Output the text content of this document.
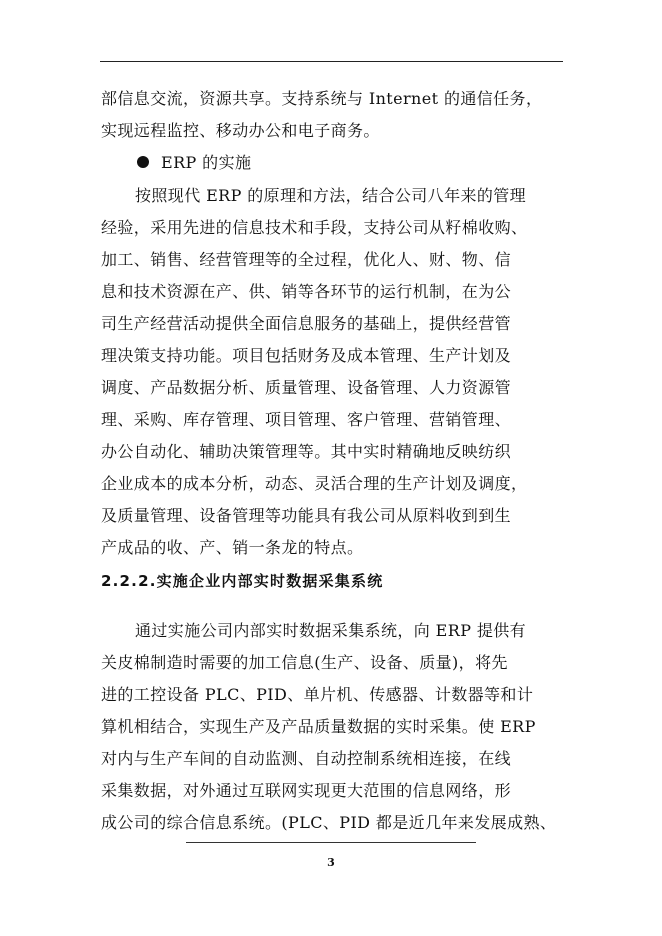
部信息交流，资源共享。支持系统与 Internet 的通信任务，
实现远程监控、移动办公和电子商务。
ERP 的实施
按照现代 ERP 的原理和方法，结合公司八年来的管理
经验，采用先进的信息技术和手段，支持公司从籽棉收购、
加工、销售、经营管理等的全过程，优化人、财、物、信
息和技术资源在产、供、销等各环节的运行机制，在为公
司生产经营活动提供全面信息服务的基础上，提供经营管
理决策支持功能。项目包括财务及成本管理、生产计划及
调度、产品数据分析、质量管理、设备管理、人力资源管
理、采购、库存管理、项目管理、客户管理、营销管理、
办公自动化、辅助决策管理等。其中实时精确地反映纺织
企业成本的成本分析，动态、灵活合理的生产计划及调度，
及质量管理、设备管理等功能具有我公司从原料收到到生
产成品的收、产、销一条龙的特点。
2.2.2.实施企业内部实时数据采集系统
通过实施公司内部实时数据采集系统，向 ERP 提供有
关皮棉制造时需要的加工信息(生产、设备、质量)，将先
进的工控设备 PLC、PID、单片机、传感器、计数器等和计
算机相结合，实现生产及产品质量数据的实时采集。使 ERP
对内与生产车间的自动监测、自动控制系统相连接，在线
采集数据，对外通过互联网实现更大范围的信息网络，形
成公司的综合信息系统。(PLC、PID 都是近几年来发展成熟、
3
